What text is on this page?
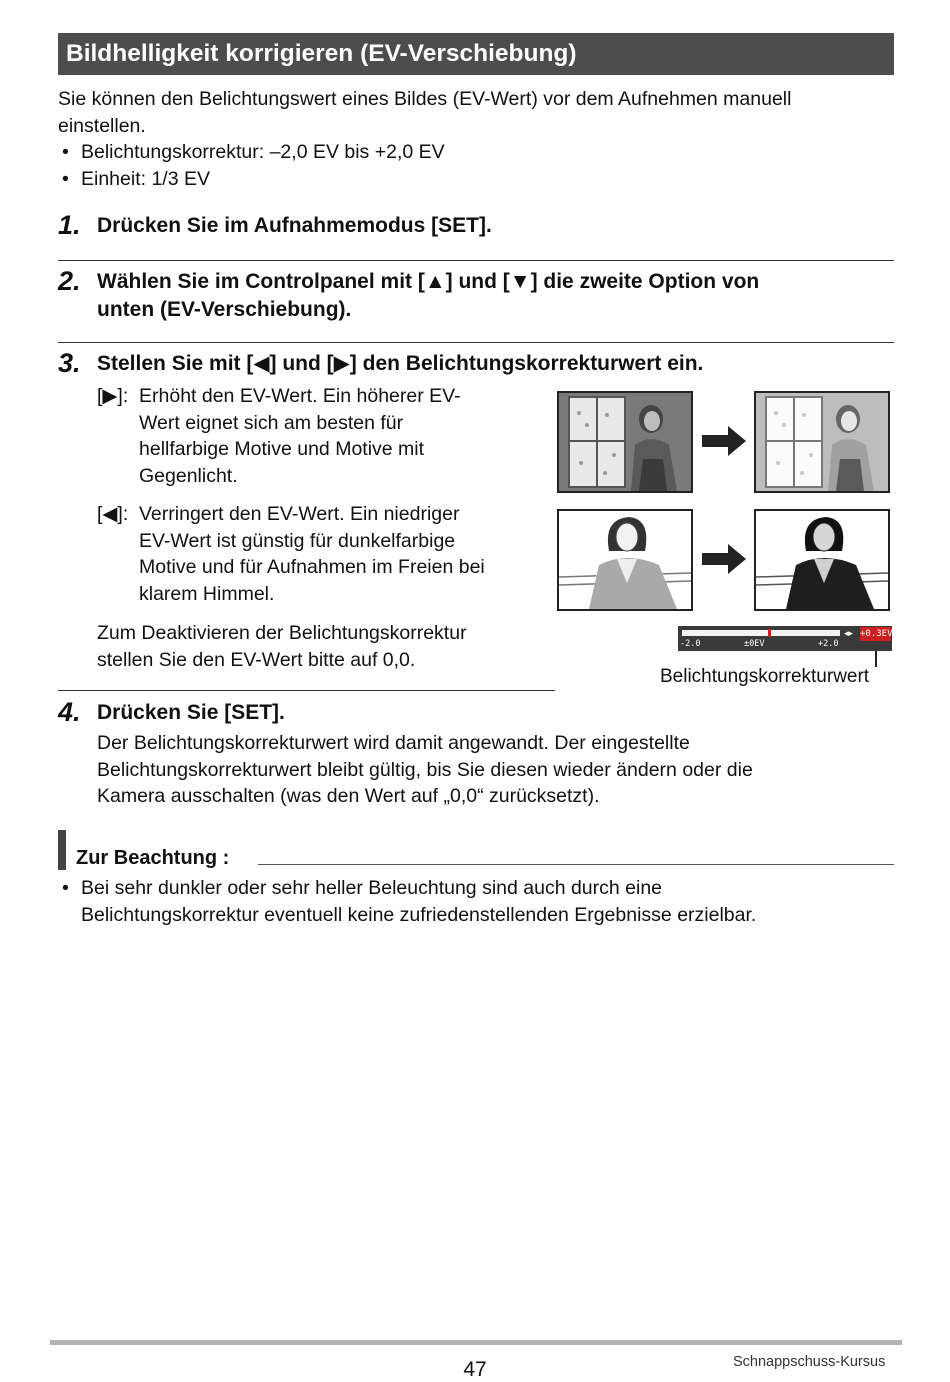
Bildhelligkeit korrigieren (EV-Verschiebung)
Sie können den Belichtungswert eines Bildes (EV-Wert) vor dem Aufnehmen manuell
einstellen.
• Belichtungskorrektur: –2,0 EV bis +2,0 EV
• Einheit: 1/3 EV
1. Drücken Sie im Aufnahmemodus [SET].
2. Wählen Sie im Controlpanel mit [▲] und [▼] die zweite Option von
unten (EV-Verschiebung).
3. Stellen Sie mit [◀] und [▶] den Belichtungskorrekturwert ein.
[▶]: Erhöht den EV-Wert. Ein höherer EV-
Wert eignet sich am besten für
hellfarbige Motive und Motive mit
Gegenlicht.
[◀]: Verringert den EV-Wert. Ein niedriger
EV-Wert ist günstig für dunkelfarbige
Motive und für Aufnahmen im Freien bei
klarem Himmel.
Zum Deaktivieren der Belichtungskorrektur
stellen Sie den EV-Wert bitte auf 0,0.
◂▸
-2.0	±0EV	+2.0
+0.3EV
Belichtungskorrekturwert
4. Drücken Sie [SET].
Der Belichtungskorrekturwert wird damit angewandt. Der eingestellte
Belichtungskorrekturwert bleibt gültig, bis Sie diesen wieder ändern oder die
Kamera ausschalten (was den Wert auf „0,0“ zurücksetzt).
Zur Beachtung :
• Bei sehr dunkler oder sehr heller Beleuchtung sind auch durch eine
Belichtungskorrektur eventuell keine zufriedenstellenden Ergebnisse erzielbar.
47	Schnappschuss-Kursus
